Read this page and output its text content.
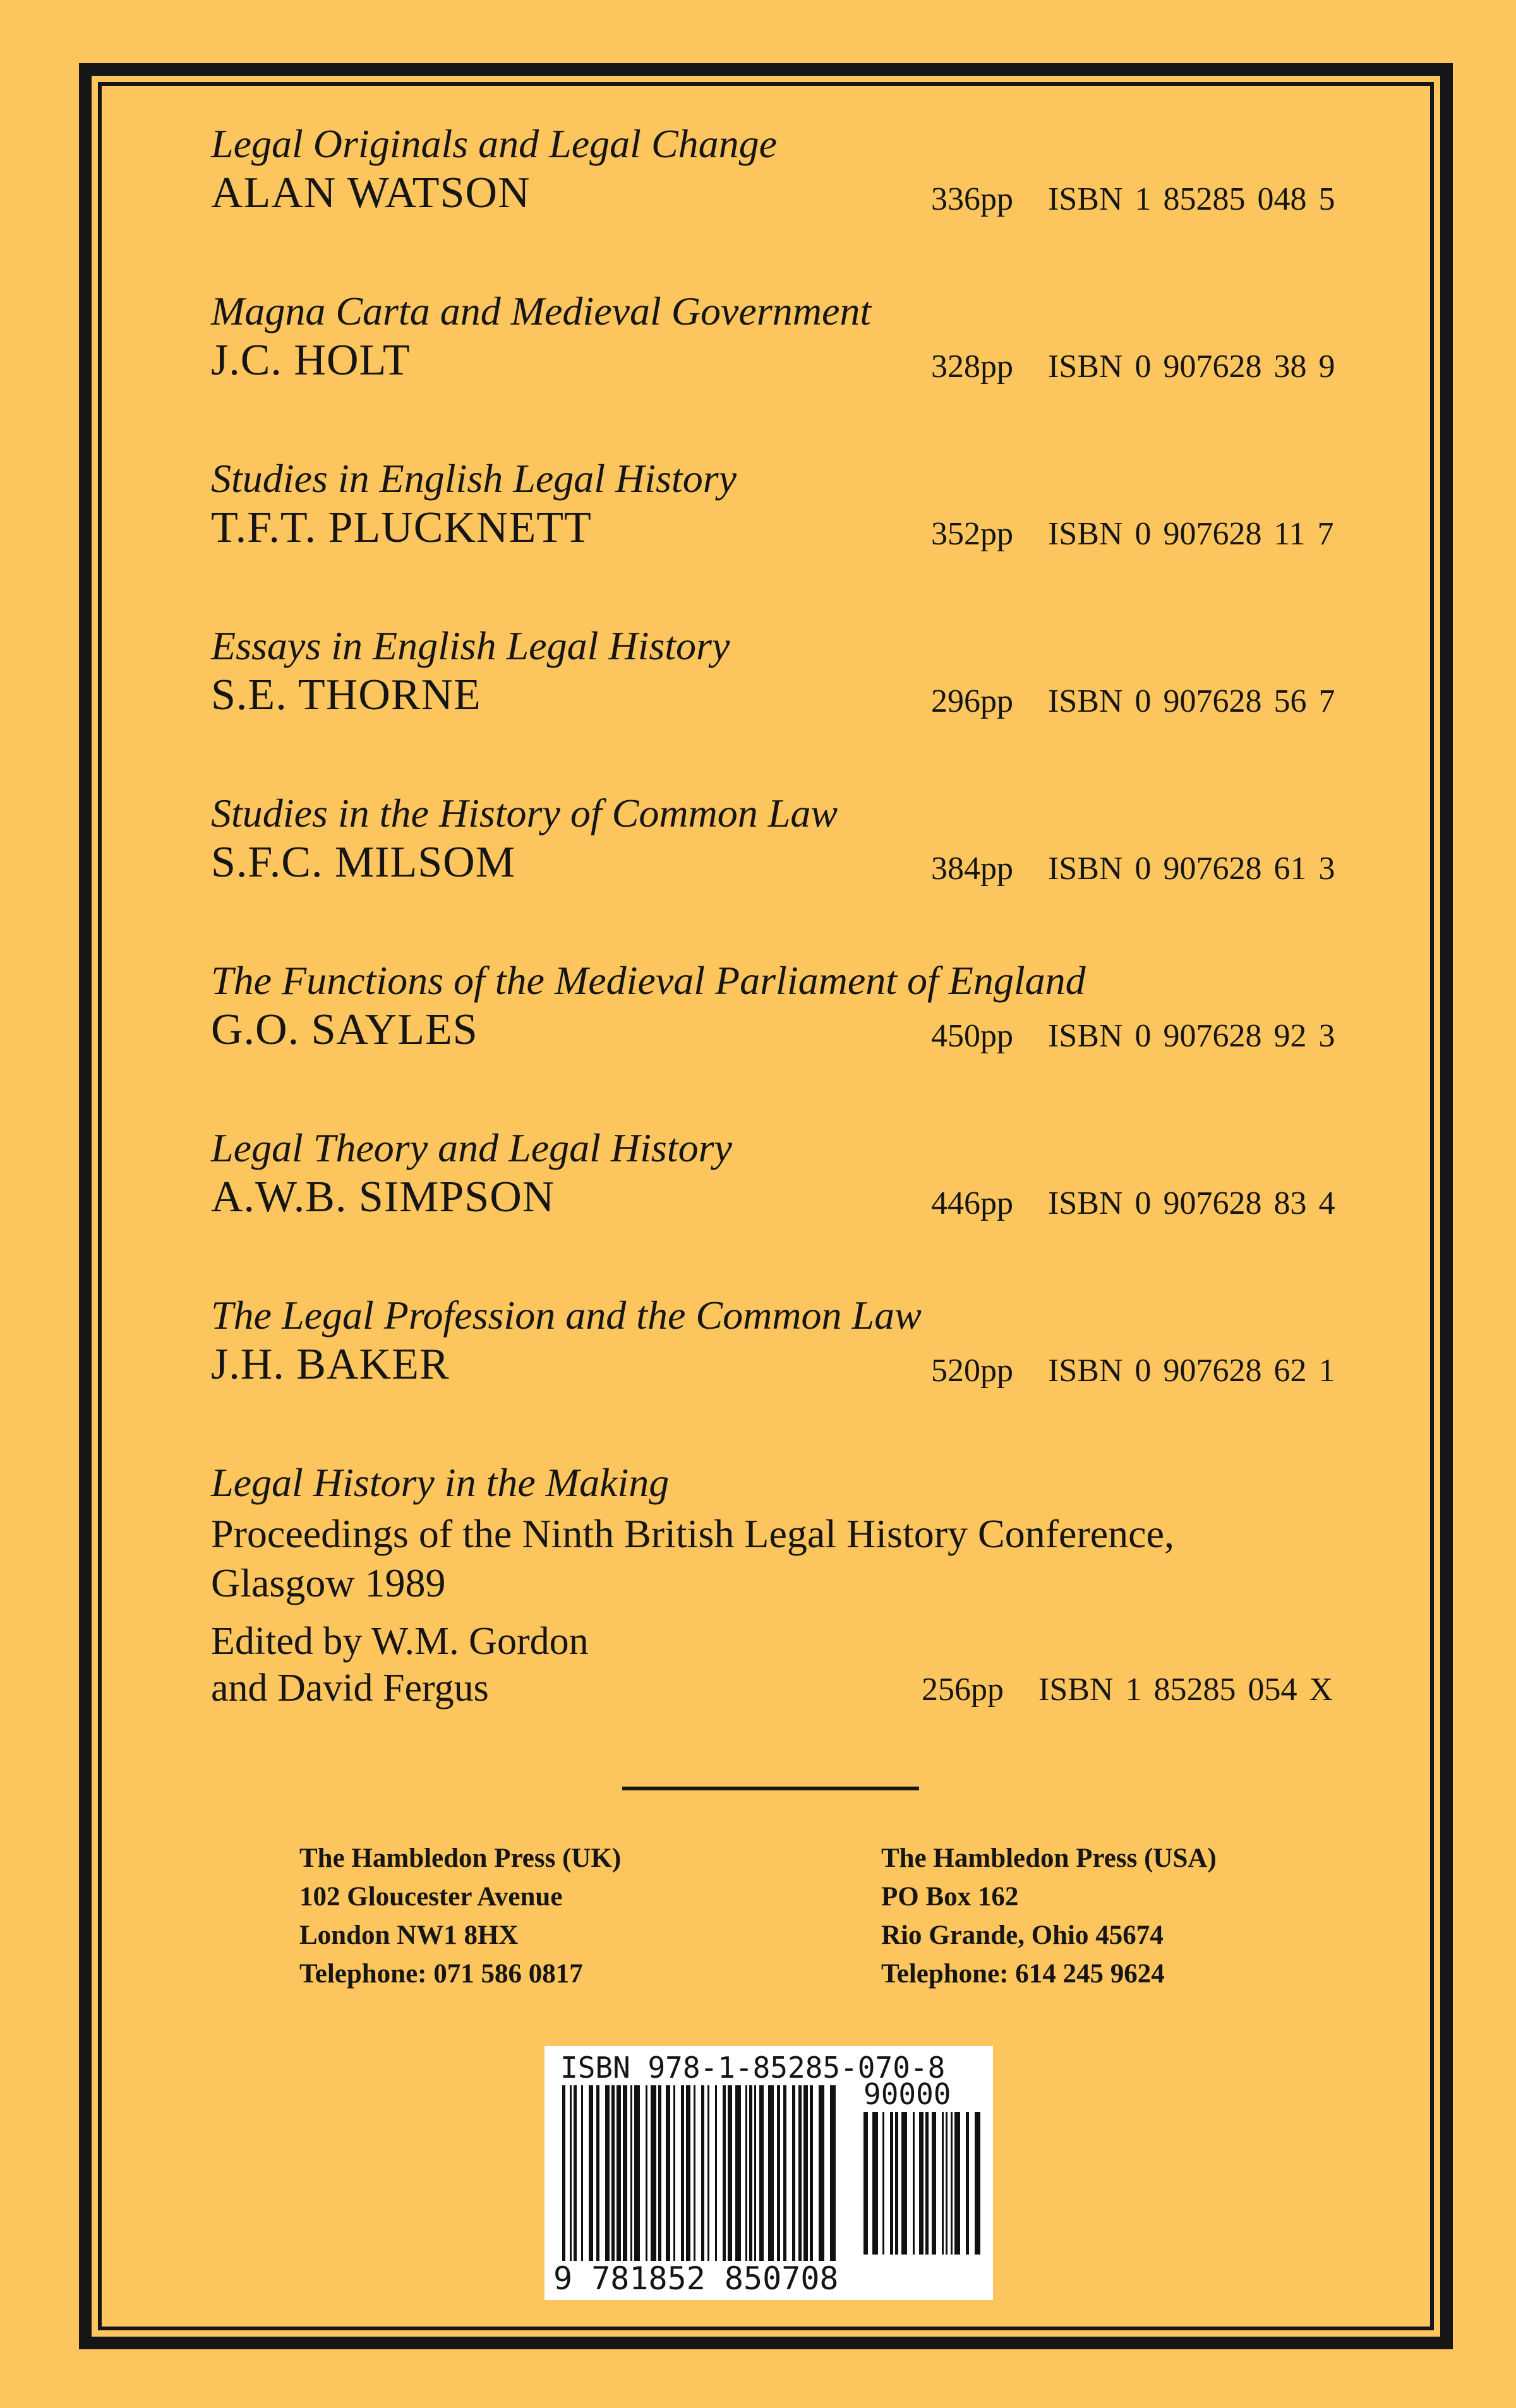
Legal Originals and Legal Change
ALAN WATSON	336pp ISBN 1 85285 048 5
Magna Carta and Medieval Government
J.C. HOLT	328pp ISBN 0 907628 38 9
Studies in English Legal History
T.F.T. PLUCKNETT	352pp ISBN 0 907628 11 7
Essays in English Legal History
S.E. THORNE	296pp ISBN 0 907628 56 7
Studies in the History of Common Law
S.F.C. MILSOM	384pp ISBN 0 907628 61 3
The Functions of the Medieval Parliament of England
G.O. SAYLES	450pp ISBN 0 907628 92 3
Legal Theory and Legal History
A.W.B. SIMPSON	446pp ISBN 0 907628 83 4
The Legal Profession and the Common Law
J.H. BAKER	520pp ISBN 0 907628 62 1
Legal History in the Making
Proceedings of the Ninth British Legal History Conference,
Glasgow 1989
Edited by W.M. Gordon
and David Fergus	256pp ISBN 1 85285 054 X
The Hambledon Press (UK)
102 Gloucester Avenue
London NW1 8HX
Telephone: 071 586 0817
The Hambledon Press (USA)
PO Box 162
Rio Grande, Ohio 45674
Telephone: 614 245 9624
ISBN 978-1-85285-070-8
90000
9 781852 850708
